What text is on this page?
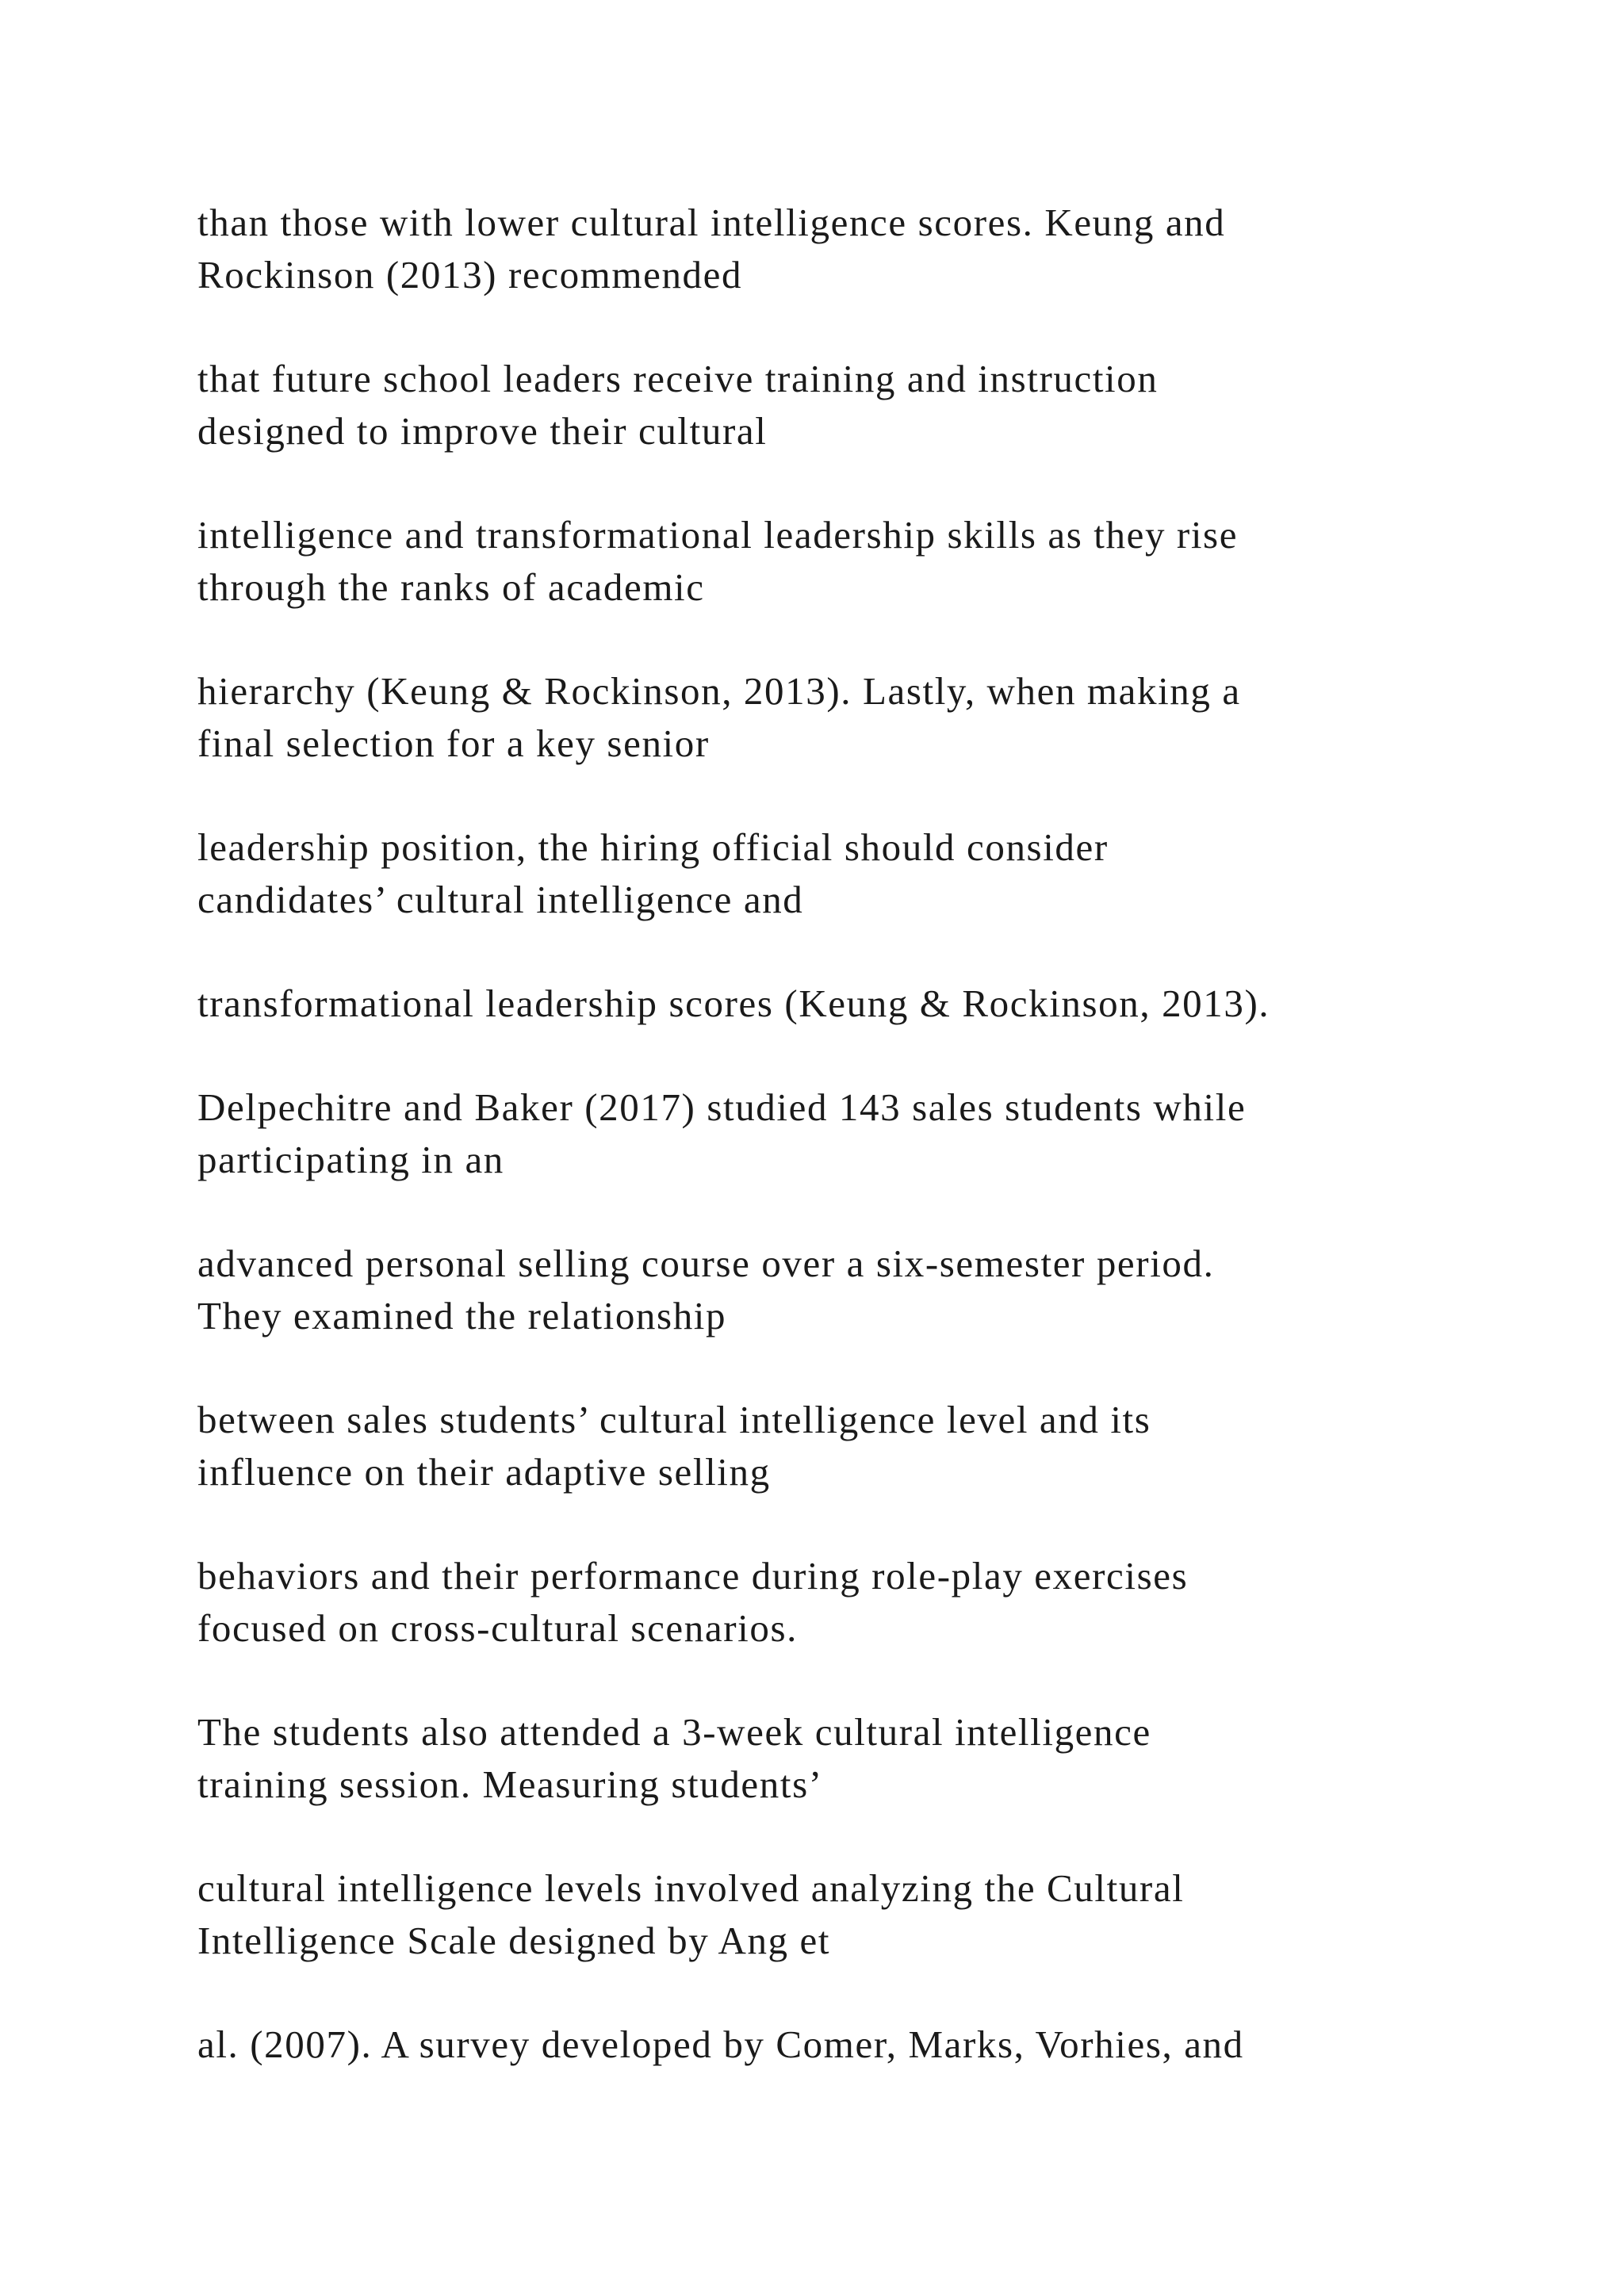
than those with lower cultural intelligence scores. Keung and
Rockinson (2013) recommended

that future school leaders receive training and instruction
designed to improve their cultural

intelligence and transformational leadership skills as they rise
through the ranks of academic

hierarchy (Keung & Rockinson, 2013). Lastly, when making a
final selection for a key senior

leadership position, the hiring official should consider
candidates’ cultural intelligence and

transformational leadership scores (Keung & Rockinson, 2013).

Delpechitre and Baker (2017) studied 143 sales students while
participating in an

advanced personal selling course over a six-semester period.
They examined the relationship

between sales students’ cultural intelligence level and its
influence on their adaptive selling

behaviors and their performance during role-play exercises
focused on cross-cultural scenarios.

The students also attended a 3-week cultural intelligence
training session. Measuring students’

cultural intelligence levels involved analyzing the Cultural
Intelligence Scale designed by Ang et

al. (2007). A survey developed by Comer, Marks, Vorhies, and
